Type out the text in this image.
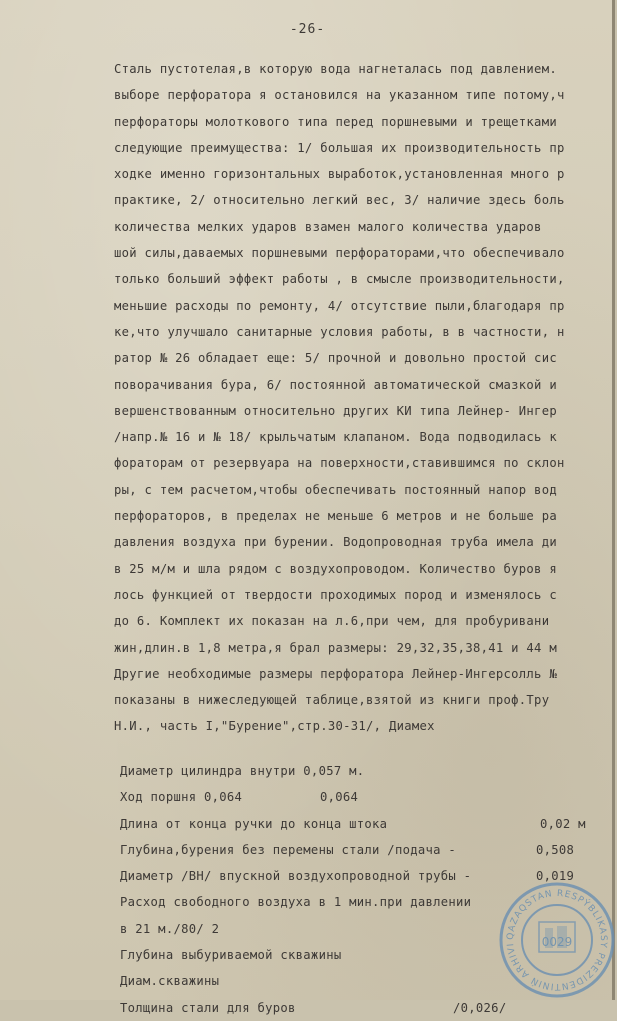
-26-
Сталь пустотелая,в которую вода нагнеталась под давлением.
выборе перфоратора я остановился на указанном типе потому,ч
перфораторы молоткового типа перед поршневыми и трещетками
следующие преимущества: 1/ большая их производительность пр
ходке именно горизонтальных выработок,установленная много р
практике, 2/ относительно легкий вес, 3/ наличие здесь боль
количества мелких ударов взамен малого количества ударов
шой силы,даваемых поршневыми перфораторами,что обеспечивало
только больший эффект работы , в смысле производительности,
меньшие расходы по ремонту, 4/ отсутствие пыли,благодаря пр
ке,что улучшало санитарные условия работы, в в частности, н
ратор № 26 обладает еще: 5/ прочной и довольно простой сис
поворачивания бура, 6/ постоянной автоматической смазкой и
вершенствованным относительно других КИ типа Лейнер- Ингер
/напр.№ 16 и № 18/ крыльчатым клапаном. Вода подводилась к
фораторам от резервуара на поверхности,ставившимся по склон
ры, с тем расчетом,чтобы обеспечивать постоянный напор вод
перфораторов, в пределах не меньше 6 метров и не больше ра
давления воздуха при бурении. Водопроводная труба имела ди
в 25 м/м и шла рядом с воздухопроводом. Количество буров я
лось функцией от твердости проходимых пород и изменялось с
до 6. Комплект их показан на л.6,при чем, для пробуривани
жин,длин.в 1,8 метра,я брал размеры: 29,32,35,38,41 и 44 м
Другие необходимые размеры перфоратора Лейнер-Ингерсолль №
показаны в нижеследующей таблице,взятой из книги проф.Тру
Н.И., часть I,"Бурение",стр.30-31/, Диамех
Диаметр цилиндра внутри 0,057 м.
Ход поршня 0,064	0,064
Длина от конца ручки до конца штока	0,02 м
Глубина,бурения без перемены стали /подача -	0,508
Диаметр /ВН/ впускной воздухопроводной трубы -	0,019
Расход свободного воздуха в 1 мин.при давлении
в 21 м./80/ 2
Глубина выбуриваемой скважины
Диам.скважины
Толщина стали для буров	/0,026/
QAZAQSTAN RESPÝBLIKASY PREZIDENTINIŃ ARHIVI	0029
